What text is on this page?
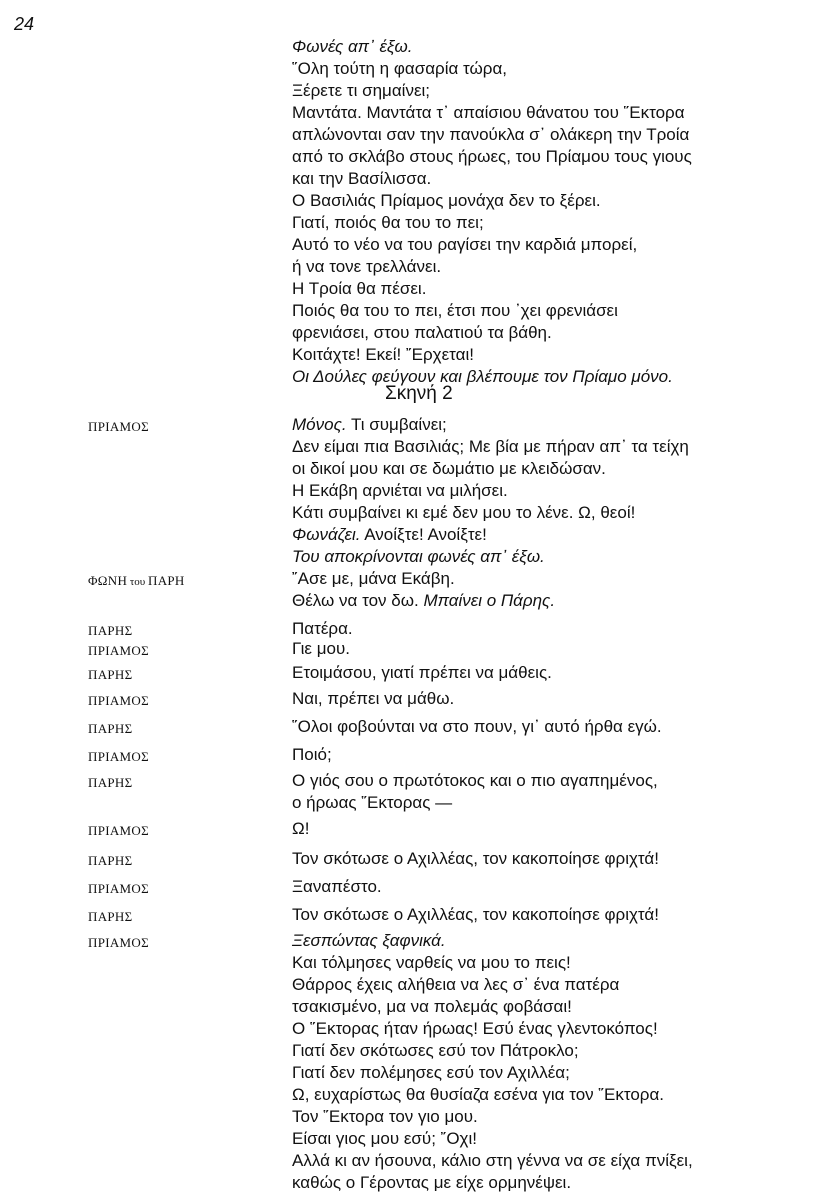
24
Φωνές απ᾽ έξω.
῞Ολη τούτη η φασαρία τώρα,
Ξέρετε τι σημαίνει;
Μαντάτα. Μαντάτα τ᾽ απαίσιου θάνατου του ῞Εκτορα
απλώνονται σαν την πανούκλα σ᾽ ολάκερη την Τροία
από το σκλάβο στους ήρωες, του Πρίαμου τους γιους
και την Βασίλισσα.
Ο Βασιλιάς Πρίαμος μονάχα δεν το ξέρει.
Γιατί, ποιός θα του το πει;
Αυτό το νέο να του ραγίσει την καρδιά μπορεί,
ή να τονε τρελλάνει.
Η Τροία θα πέσει.
Ποιός θα του το πει, έτσι που ᾽χει φρενιάσει
φρενιάσει, στου παλατιού τα βάθη.
Κοιτάχτε! Εκεί! ῎Ερχεται!
Οι Δούλες φεύγουν και βλέπουμε τον Πρίαμο μόνο.
Σκηνή 2
ΠΡΙΑΜΟΣ	Μόνος. Τι συμβαίνει;
Δεν είμαι πια Βασιλιάς; Με βία με πήραν απ᾽ τα τείχη
οι δικοί μου και σε δωμάτιο με κλειδώσαν.
Η Εκάβη αρνιέται να μιλήσει.
Κάτι συμβαίνει κι εμέ δεν μου το λένε. Ω, θεοί!
Φωνάζει. Ανοίξτε! Ανοίξτε!
Του αποκρίνονται φωνές απ᾽ έξω.
ΦΩΝΗ του ΠΑΡΗ	῎Ασε με, μάνα Εκάβη.
Θέλω να τον δω. Μπαίνει ο Πάρης.
ΠΑΡΗΣ	Πατέρα.
ΠΡΙΑΜΟΣ	Γιε μου.
ΠΑΡΗΣ	Ετοιμάσου, γιατί πρέπει να μάθεις.
ΠΡΙΑΜΟΣ	Ναι, πρέπει να μάθω.
ΠΑΡΗΣ	῞Ολοι φοβούνται να στο πουν, γι᾽ αυτό ήρθα εγώ.
ΠΡΙΑΜΟΣ	Ποιό;
ΠΑΡΗΣ	Ο γιός σου ο πρωτότοκος και ο πιο αγαπημένος,
ο ήρωας ῞Εκτορας —
ΠΡΙΑΜΟΣ	Ω!
ΠΑΡΗΣ	Τον σκότωσε ο Αχιλλέας, τον κακοποίησε φριχτά!
ΠΡΙΑΜΟΣ	Ξαναπέστο.
ΠΑΡΗΣ	Τον σκότωσε ο Αχιλλέας, τον κακοποίησε φριχτά!
ΠΡΙΑΜΟΣ	Ξεσπώντας ξαφνικά.
Και τόλμησες ναρθείς να μου το πεις!
Θάρρος έχεις αλήθεια να λες σ᾽ ένα πατέρα
τσακισμένο, μα να πολεμάς φοβάσαι!
Ο ῞Εκτορας ήταν ήρωας! Εσύ ένας γλεντοκόπος!
Γιατί δεν σκότωσες εσύ τον Πάτροκλο;
Γιατί δεν πολέμησες εσύ τον Αχιλλέα;
Ω, ευχαρίστως θα θυσίαζα εσένα για τον ῞Εκτορα.
Τον ῞Εκτορα τον γιο μου.
Είσαι γιος μου εσύ; ῎Οχι!
Αλλά κι αν ήσουνα, κάλιο στη γέννα να σε είχα πνίξει,
καθώς ο Γέροντας με είχε ορμηνέψει.
